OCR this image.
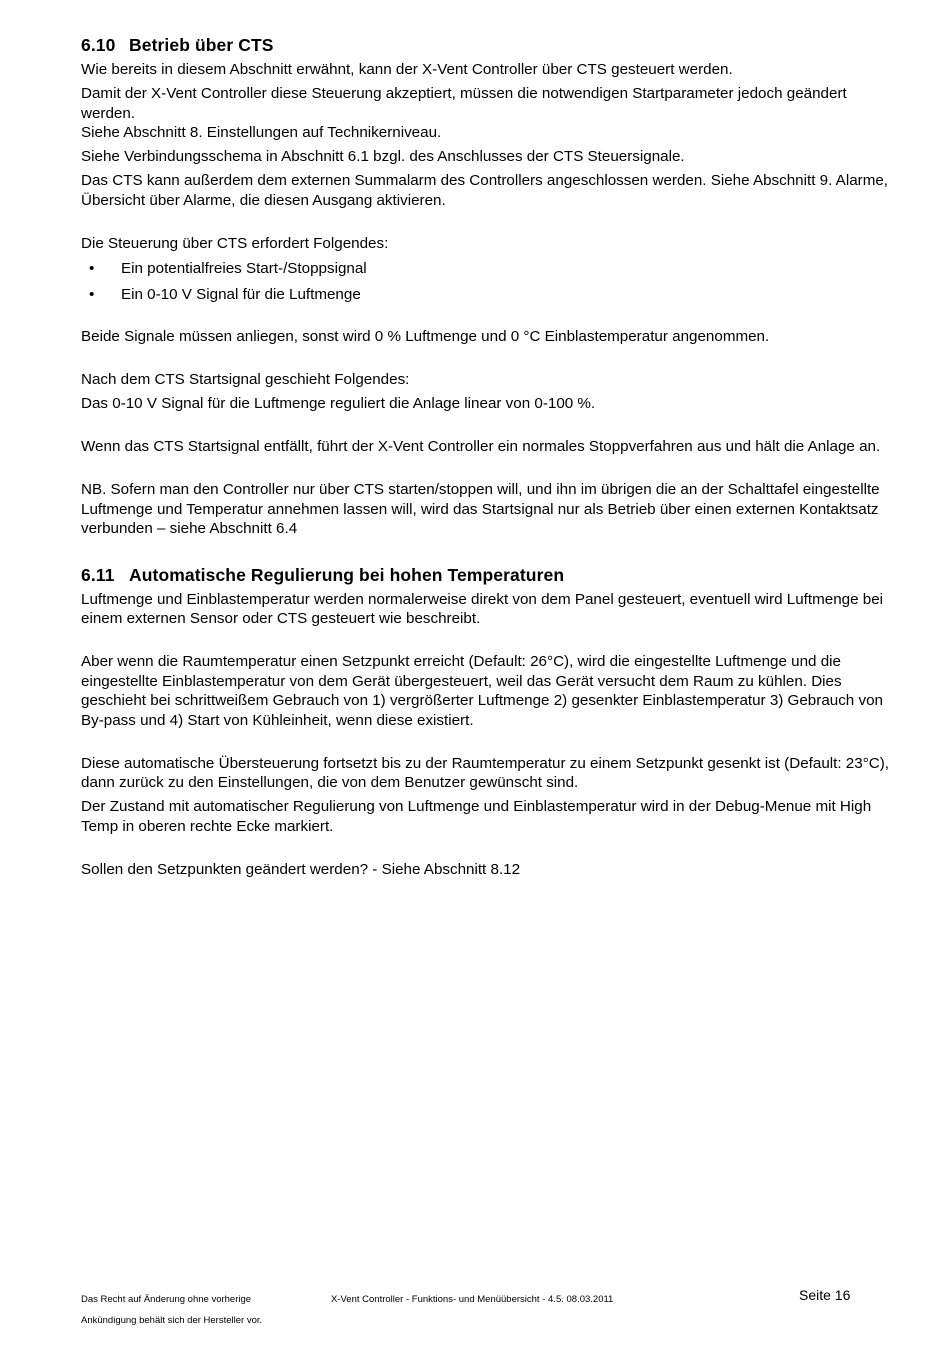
6.10 Betrieb über CTS

Wie bereits in diesem Abschnitt erwähnt, kann der X-Vent Controller über CTS gesteuert werden.

Damit der X-Vent Controller diese Steuerung akzeptiert, müssen die notwendigen Startparameter jedoch geändert werden.

Siehe Abschnitt 8. Einstellungen auf Technikerniveau.

Siehe Verbindungsschema in Abschnitt 6.1 bzgl. des Anschlusses der CTS Steuersignale.

Das CTS kann außerdem dem externen Summalarm des Controllers angeschlossen werden. Siehe Abschnitt 9. Alarme, Übersicht über Alarme, die diesen Ausgang aktivieren.

Die Steuerung über CTS erfordert Folgendes:

• Ein potentialfreies Start-/Stoppsignal
• Ein 0-10 V Signal für die Luftmenge

Beide Signale müssen anliegen, sonst wird 0 % Luftmenge und 0 °C Einblastemperatur angenommen.

Nach dem CTS Startsignal geschieht Folgendes:

Das 0-10 V Signal für die Luftmenge reguliert die Anlage linear von 0-100 %.

Wenn das CTS Startsignal entfällt, führt der X-Vent Controller ein normales Stoppverfahren aus und hält die Anlage an.

NB. Sofern man den Controller nur über CTS starten/stoppen will, und ihn im übrigen die an der Schalttafel eingestellte Luftmenge und Temperatur annehmen lassen will, wird das Startsignal nur als Betrieb über einen externen Kontaktsatz verbunden – siehe Abschnitt 6.4

6.11 Automatische Regulierung bei hohen Temperaturen

Luftmenge und Einblastemperatur werden normalerweise direkt von dem Panel gesteuert, eventuell wird Luftmenge bei einem externen Sensor oder CTS gesteuert wie beschreibt.

Aber wenn die Raumtemperatur einen Setzpunkt erreicht (Default: 26°C), wird die eingestellte Luftmenge und die eingestellte Einblastemperatur von dem Gerät übergesteuert, weil das Gerät versucht dem Raum zu kühlen. Dies geschieht bei schrittweißem Gebrauch von 1) vergrößerter Luftmenge 2) gesenkter Einblastemperatur 3) Gebrauch von By-pass und 4) Start von Kühleinheit, wenn diese existiert.

Diese automatische Übersteuerung fortsetzt bis zu der Raumtemperatur zu einem Setzpunkt gesenkt ist (Default: 23°C), dann zurück zu den Einstellungen, die von dem Benutzer gewünscht sind.

Der Zustand mit automatischer Regulierung von Luftmenge und Einblastemperatur wird in der Debug-Menue mit High Temp in oberen rechte Ecke markiert.

Sollen den Setzpunkten geändert werden? - Siehe Abschnitt 8.12

Das Recht auf Änderung ohne vorherige
Ankündigung behält sich der Hersteller vor.
X-Vent Controller - Funktions- und Menüübersicht - 4.5. 08.03.2011	Seite 16
